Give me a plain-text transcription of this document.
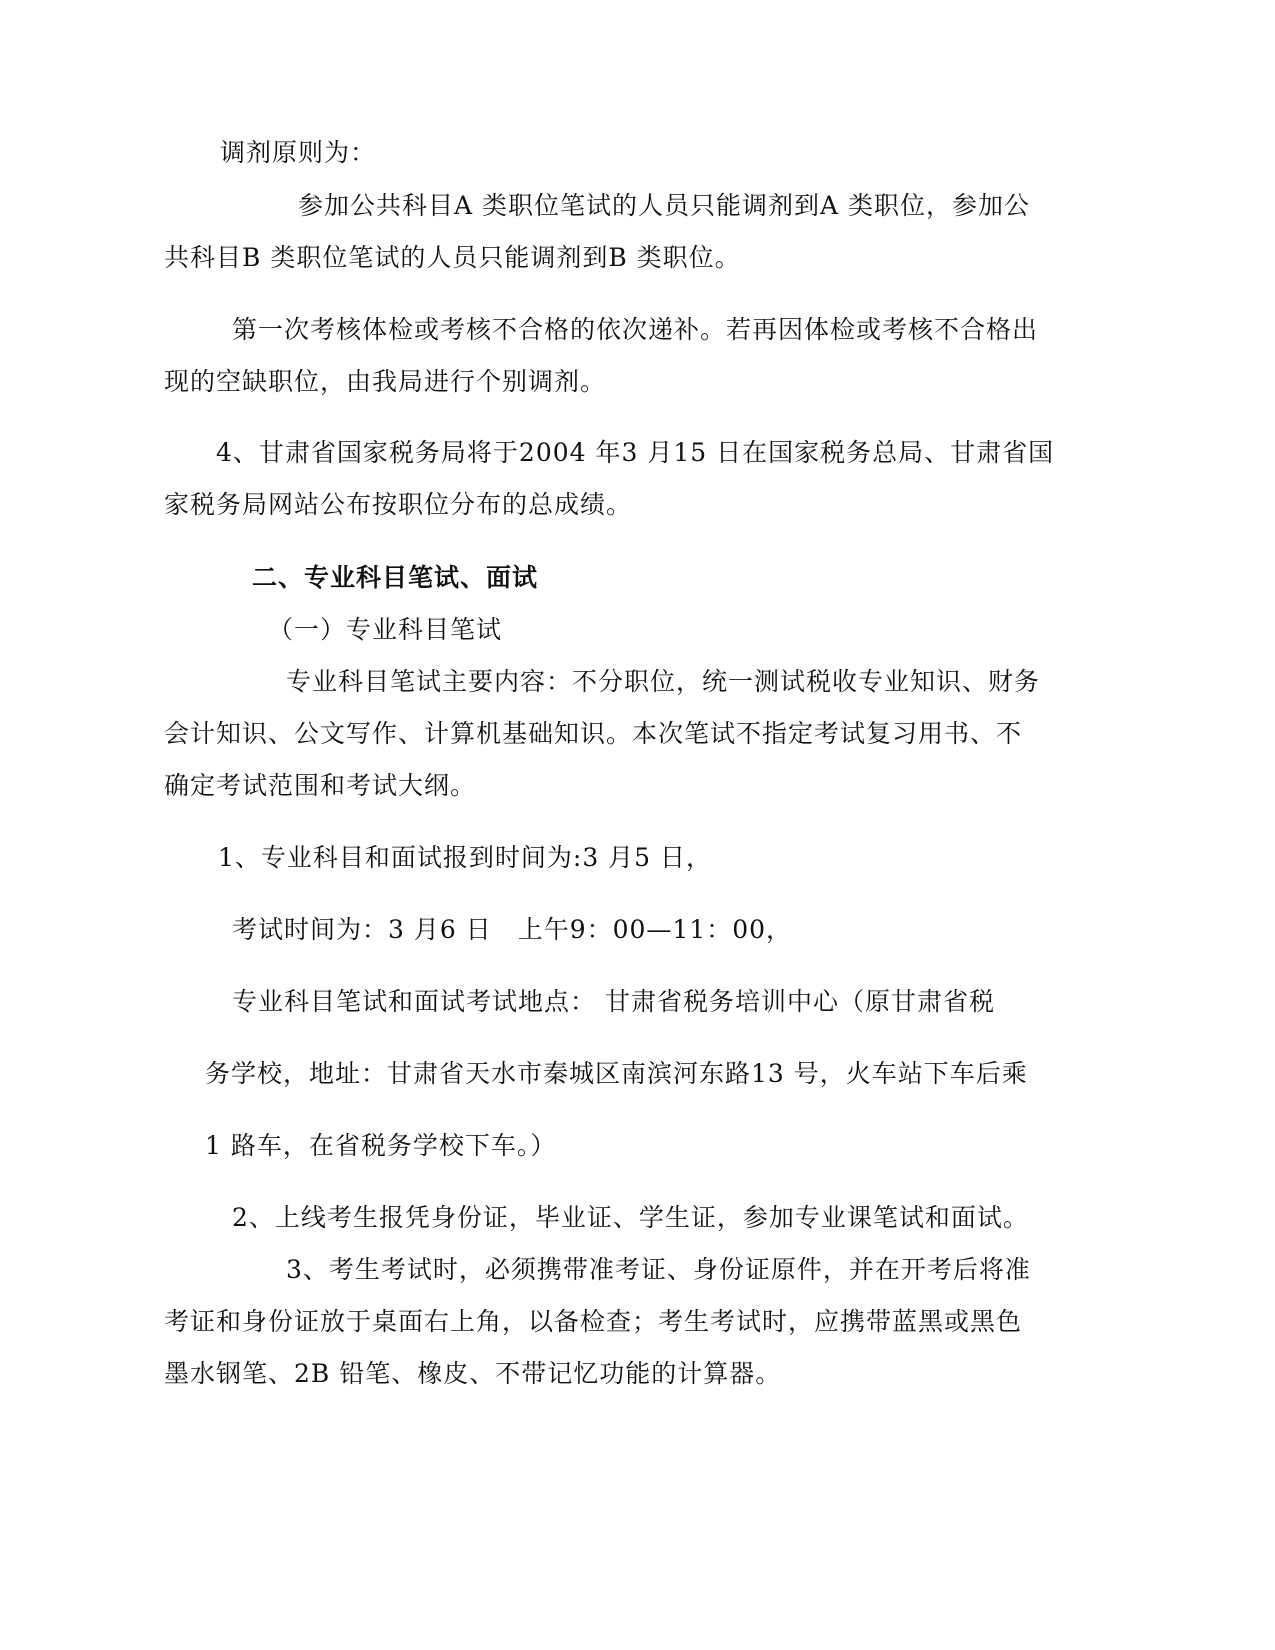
调剂原则为：

参加公共科目A 类职位笔试的人员只能调剂到A 类职位，参加公

共科目B 类职位笔试的人员只能调剂到B 类职位。

第一次考核体检或考核不合格的依次递补。若再因体检或考核不合格出

现的空缺职位，由我局进行个别调剂。

4、甘肃省国家税务局将于2004 年3 月15 日在国家税务总局、甘肃省国

家税务局网站公布按职位分布的总成绩。

二、专业科目笔试、面试

（一）专业科目笔试

专业科目笔试主要内容：不分职位，统一测试税收专业知识、财务

会计知识、公文写作、计算机基础知识。本次笔试不指定考试复习用书、不

确定考试范围和考试大纲。

1、专业科目和面试报到时间为:3 月5 日，

考试时间为：3 月6 日　上午9：00—11：00，

专业科目笔试和面试考试地点： 甘肃省税务培训中心（原甘肃省税

务学校，地址：甘肃省天水市秦城区南滨河东路13 号，火车站下车后乘

1 路车，在省税务学校下车。）

2、上线考生报凭身份证，毕业证、学生证，参加专业课笔试和面试。

3、考生考试时，必须携带准考证、身份证原件，并在开考后将准

考证和身份证放于桌面右上角，以备检查；考生考试时，应携带蓝黑或黑色

墨水钢笔、2B 铅笔、橡皮、不带记忆功能的计算器。
